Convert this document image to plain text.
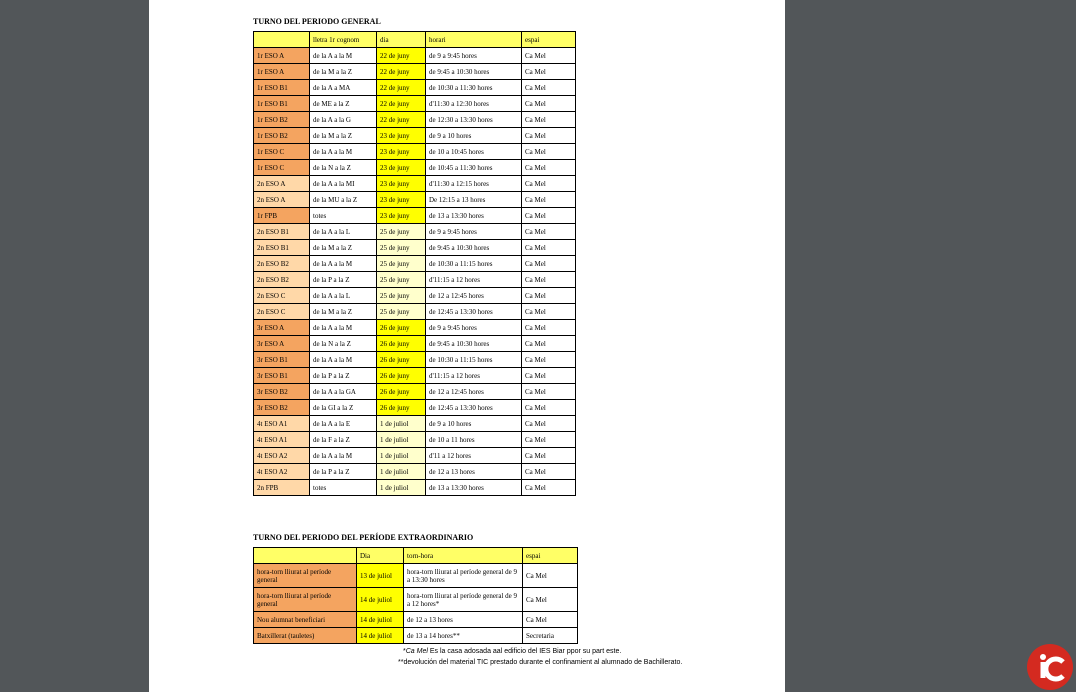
TURNO DEL PERIODO GENERAL
	lletra 1r cognom	dia	horari	espai
1r ESO A	de la A a la M	22 de juny	de 9 a 9:45 hores	Ca Mel
1r ESO A	de la M a la Z	22 de juny	de 9:45 a 10:30 hores	Ca Mel
1r ESO B1	de la A a MA	22 de juny	de 10:30 a 11:30 hores	Ca Mel
1r ESO B1	de ME a la Z	22 de juny	d'11:30 a 12:30 hores	Ca Mel
1r ESO B2	de la A a la G	22 de juny	de 12:30 a 13:30 hores	Ca Mel
1r ESO B2	de la M a la Z	23 de juny	de 9 a 10 hores	Ca Mel
1r ESO C	de la A a la M	23 de juny	de 10 a 10:45 hores	Ca Mel
1r ESO C	de la N a la Z	23 de juny	de 10:45 a 11:30 hores	Ca Mel
2n ESO A	de la A a la MI	23 de juny	d'11:30 a 12:15 hores	Ca Mel
2n ESO A	de la MU a la Z	23 de juny	De 12:15 a 13 hores	Ca Mel
1r FPB	totes	23 de juny	de 13 a 13:30 hores	Ca Mel
2n ESO B1	de la A a la L	25 de juny	de 9 a 9:45 hores	Ca Mel
2n ESO B1	de la M a la Z	25 de juny	de 9:45 a 10:30 hores	Ca Mel
2n ESO B2	de la A a la M	25 de juny	de 10:30 a 11:15 hores	Ca Mel
2n ESO B2	de la P a la Z	25 de juny	d'11:15 a 12 hores	Ca Mel
2n ESO C	de la A a la L	25 de juny	de 12 a 12:45 hores	Ca Mel
2n ESO C	de la M a la Z	25 de juny	de 12:45 a 13:30 hores	Ca Mel
3r ESO A	de la A a la M	26 de juny	de 9 a 9:45 hores	Ca Mel
3r ESO A	de la N a la Z	26 de juny	de 9:45 a 10:30 hores	Ca Mel
3r ESO B1	de la A a la M	26 de juny	de 10:30 a 11:15 hores	Ca Mel
3r ESO B1	de la P a la Z	26 de juny	d'11:15 a 12 hores	Ca Mel
3r ESO B2	de la A a la GA	26 de juny	de 12 a 12:45 hores	Ca Mel
3r ESO B2	de la GI a la Z	26 de juny	de 12:45 a 13:30 hores	Ca Mel
4t ESO A1	de la A a la E	1 de juliol	de 9 a 10 hores	Ca Mel
4t ESO A1	de la F a la Z	1 de juliol	de 10 a 11 hores	Ca Mel
4t ESO A2	de la A a la M	1 de juliol	d'11 a 12 hores	Ca Mel
4t ESO A2	de la P a la Z	1 de juliol	de 12 a 13 hores	Ca Mel
2n FPB	totes	1 de juliol	de 13 a 13:30 hores	Ca Mel
TURNO DEL PERIODO DEL PERÍODE EXTRAORDINARIO
	Dia	torn-hora	espai
hora-torn lliurat al període general	13 de juliol	hora-torn lliurat al període general de 9 a 13:30 hores	Ca Mel
hora-torn lliurat al període general	14 de juliol	hora-torn lliurat al període general de 9 a 12 hores*	Ca Mel
Nou alumnat beneficiari	14 de juliol	de 12 a 13 hores	Ca Mel
Batxillerat (tauletes)	14 de juliol	de 13 a 14 hores**	Secretaria
*Ca Mel Es la casa adosada aal edificio del IES Biar ppor su part este.
**devolución del material TIC prestado durante el confinamient al alumnado de Bachillerato.
